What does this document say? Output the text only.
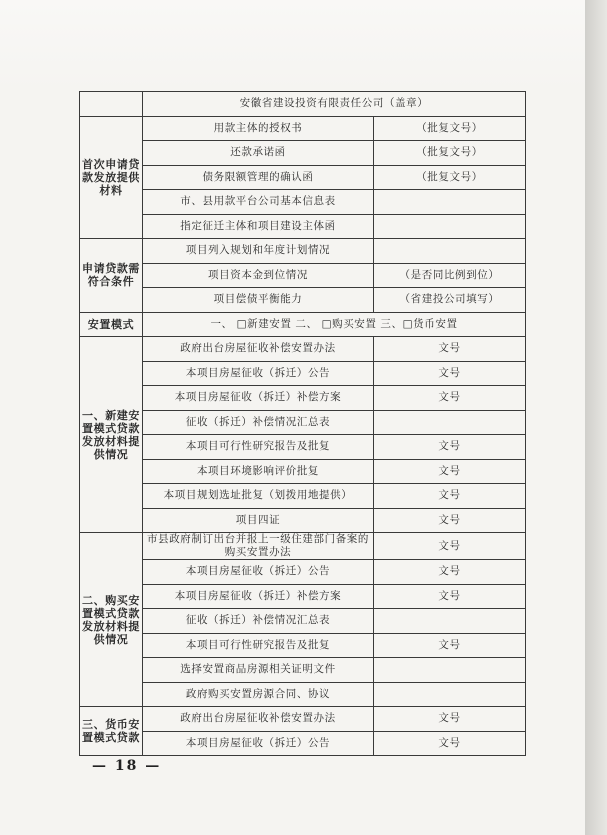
	安徽省建设投资有限责任公司（盖章）	
首次申请贷款发放提供材料	用款主体的授权书	（批复文号）
	还款承诺函	（批复文号）
	债务限额管理的确认函	（批复文号）
	市、县用款平台公司基本信息表	
	指定征迁主体和项目建设主体函	
申请贷款需符合条件	项目列入规划和年度计划情况	
	项目资本金到位情况	（是否同比例到位）
	项目偿债平衡能力	（省建投公司填写）
安置模式	一、 □新建安置 二、 □购买安置 三、□货币安置	
一、新建安置模式贷款发放材料提供情况	政府出台房屋征收补偿安置办法	文号
	本项目房屋征收（拆迁）公告	文号
	本项目房屋征收（拆迁）补偿方案	文号
	征收（拆迁）补偿情况汇总表	
	本项目可行性研究报告及批复	文号
	本项目环境影响评价批复	文号
	本项目规划选址批复（划拨用地提供）	文号
	项目四证	文号
二、购买安置模式贷款发放材料提供情况	市县政府制订出台并报上一级住建部门备案的购买安置办法	文号
	本项目房屋征收（拆迁）公告	文号
	本项目房屋征收（拆迁）补偿方案	文号
	征收（拆迁）补偿情况汇总表	
	本项目可行性研究报告及批复	文号
	选择安置商品房源相关证明文件	
	政府购买安置房源合同、协议	
三、货币安置模式贷款	政府出台房屋征收补偿安置办法	文号
	本项目房屋征收（拆迁）公告	文号
— 18 —
